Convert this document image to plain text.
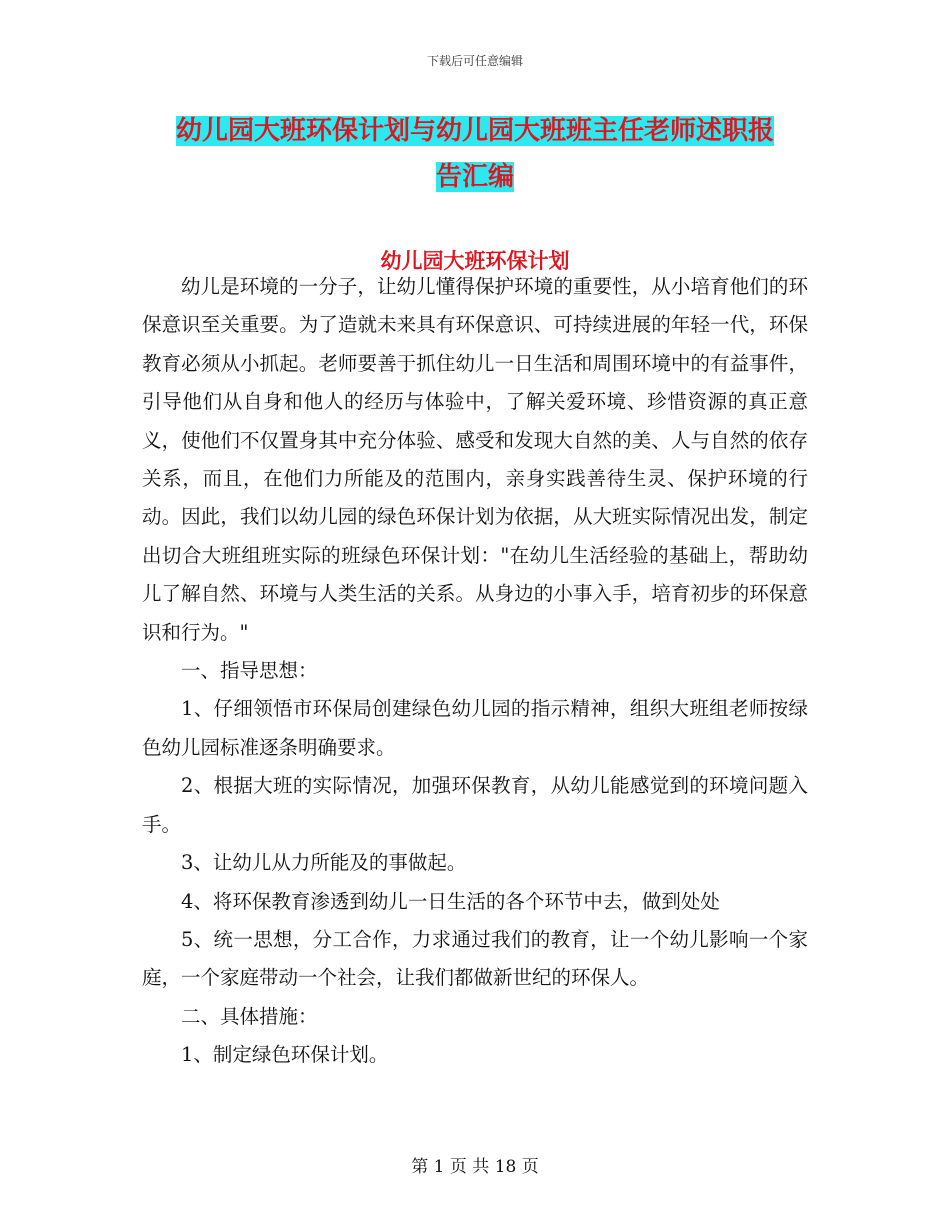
下载后可任意编辑
幼儿园大班环保计划与幼儿园大班班主任老师述职报
告汇编
幼儿园大班环保计划

幼儿是环境的一分子，让幼儿懂得保护环境的重要性，从小培育他们的环保意识至关重要。为了造就未来具有环保意识、可持续进展的年轻一代，环保教育必须从小抓起。老师要善于抓住幼儿一日生活和周围环境中的有益事件，引导他们从自身和他人的经历与体验中，了解关爱环境、珍惜资源的真正意义，使他们不仅置身其中充分体验、感受和发现大自然的美、人与自然的依存关系，而且，在他们力所能及的范围内，亲身实践善待生灵、保护环境的行动。因此，我们以幼儿园的绿色环保计划为依据，从大班实际情况出发，制定出切合大班组班实际的班绿色环保计划："在幼儿生活经验的基础上，帮助幼儿了解自然、环境与人类生活的关系。从身边的小事入手，培育初步的环保意识和行为。"

一、指导思想：

1、仔细领悟市环保局创建绿色幼儿园的指示精神，组织大班组老师按绿色幼儿园标准逐条明确要求。

2、根据大班的实际情况，加强环保教育，从幼儿能感觉到的环境问题入手。

3、让幼儿从力所能及的事做起。

4、将环保教育渗透到幼儿一日生活的各个环节中去，做到处处

5、统一思想，分工合作，力求通过我们的教育，让一个幼儿影响一个家庭，一个家庭带动一个社会，让我们都做新世纪的环保人。

二、具体措施：

1、制定绿色环保计划。

第 1 页 共 18 页
